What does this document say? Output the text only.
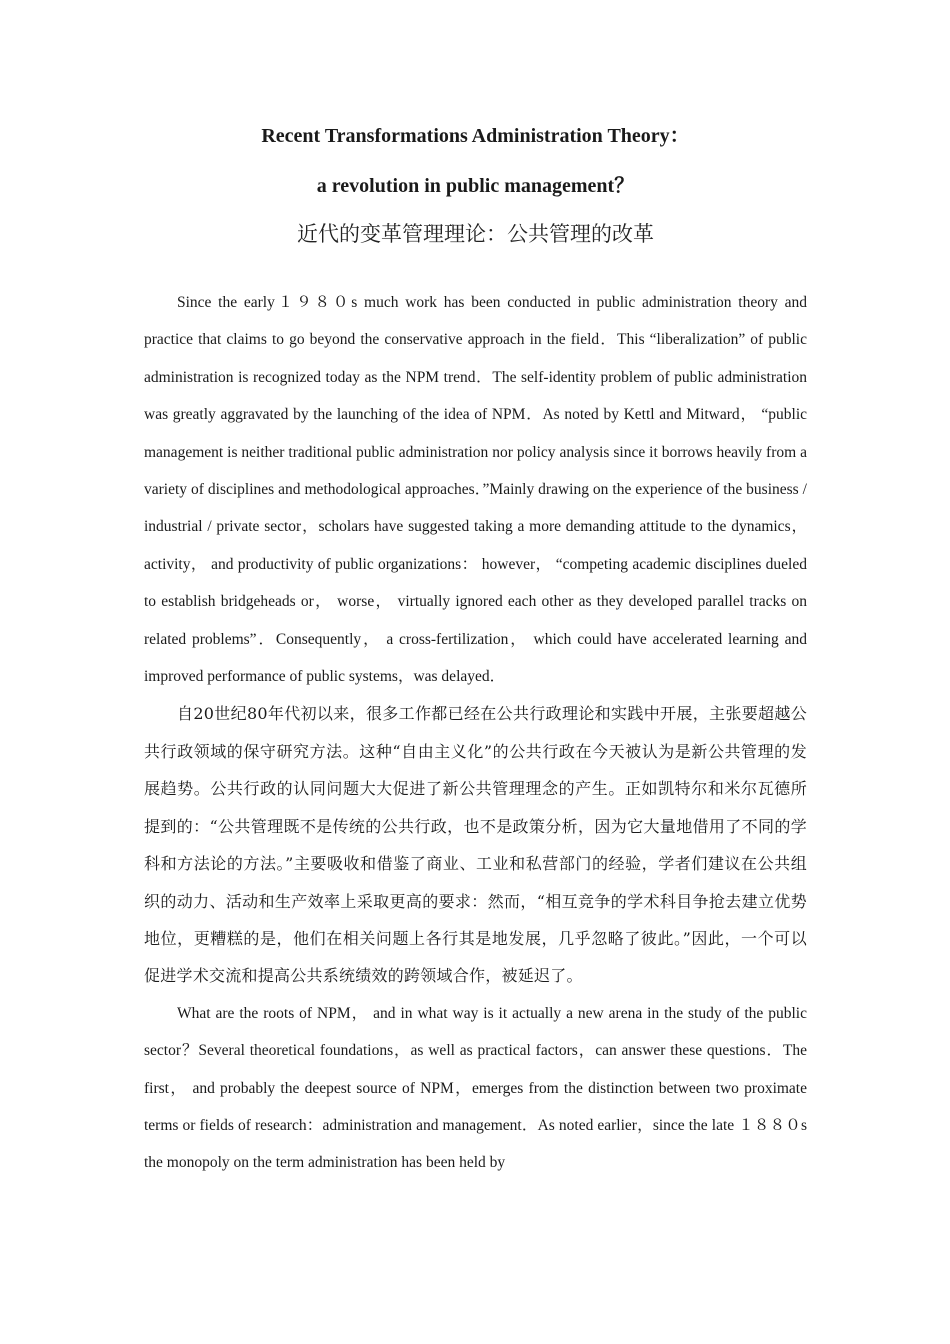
Recent Transformations Administration Theory：
a revolution in public management？
近代的变革管理理论：公共管理的改革

Since the early１９８０s much work has been conducted in public administration theory and practice that claims to go beyond the conservative approach in the field．This “liberalization” of public administration is recognized today as the NPM trend．The self-identity problem of public administration was greatly aggravated by the launching of the idea of NPM．As noted by Kettl and Mitward， “public management is neither traditional public administration nor policy analysis since it borrows heavily from a variety of disciplines and methodological approaches．”Mainly drawing on the experience of the business / industrial / private sector，scholars have suggested taking a more demanding attitude to the dynamics， activity， and productivity of public organizations： however， “competing academic disciplines dueled to establish bridgeheads or， worse， virtually ignored each other as they developed parallel tracks on related problems”．Consequently， a cross-fertilization， which could have accelerated learning and improved performance of public systems，was delayed．

自20世纪80年代初以来，很多工作都已经在公共行政理论和实践中开展，主张要超越公共行政领域的保守研究方法。这种“自由主义化”的公共行政在今天被认为是新公共管理的发展趋势。公共行政的认同问题大大促进了新公共管理理念的产生。正如凯特尔和米尔瓦德所提到的：“公共管理既不是传统的公共行政，也不是政策分析，因为它大量地借用了不同的学科和方法论的方法。”主要吸收和借鉴了商业、工业和私营部门的经验，学者们建议在公共组织的动力、活动和生产效率上采取更高的要求：然而，“相互竞争的学术科目争抢去建立优势地位，更糟糕的是，他们在相关问题上各行其是地发展，几乎忽略了彼此。”因此，一个可以促进学术交流和提高公共系统绩效的跨领域合作，被延迟了。

What are the roots of NPM， and in what way is it actually a new arena in the study of the public sector？Several theoretical foundations，as well as practical factors，can answer these questions．The first， and probably the deepest source of NPM，emerges from the distinction between two proximate terms or fields of research：administration and management．As noted earlier，since the late １８８０s the monopoly on the term administration has been held by
